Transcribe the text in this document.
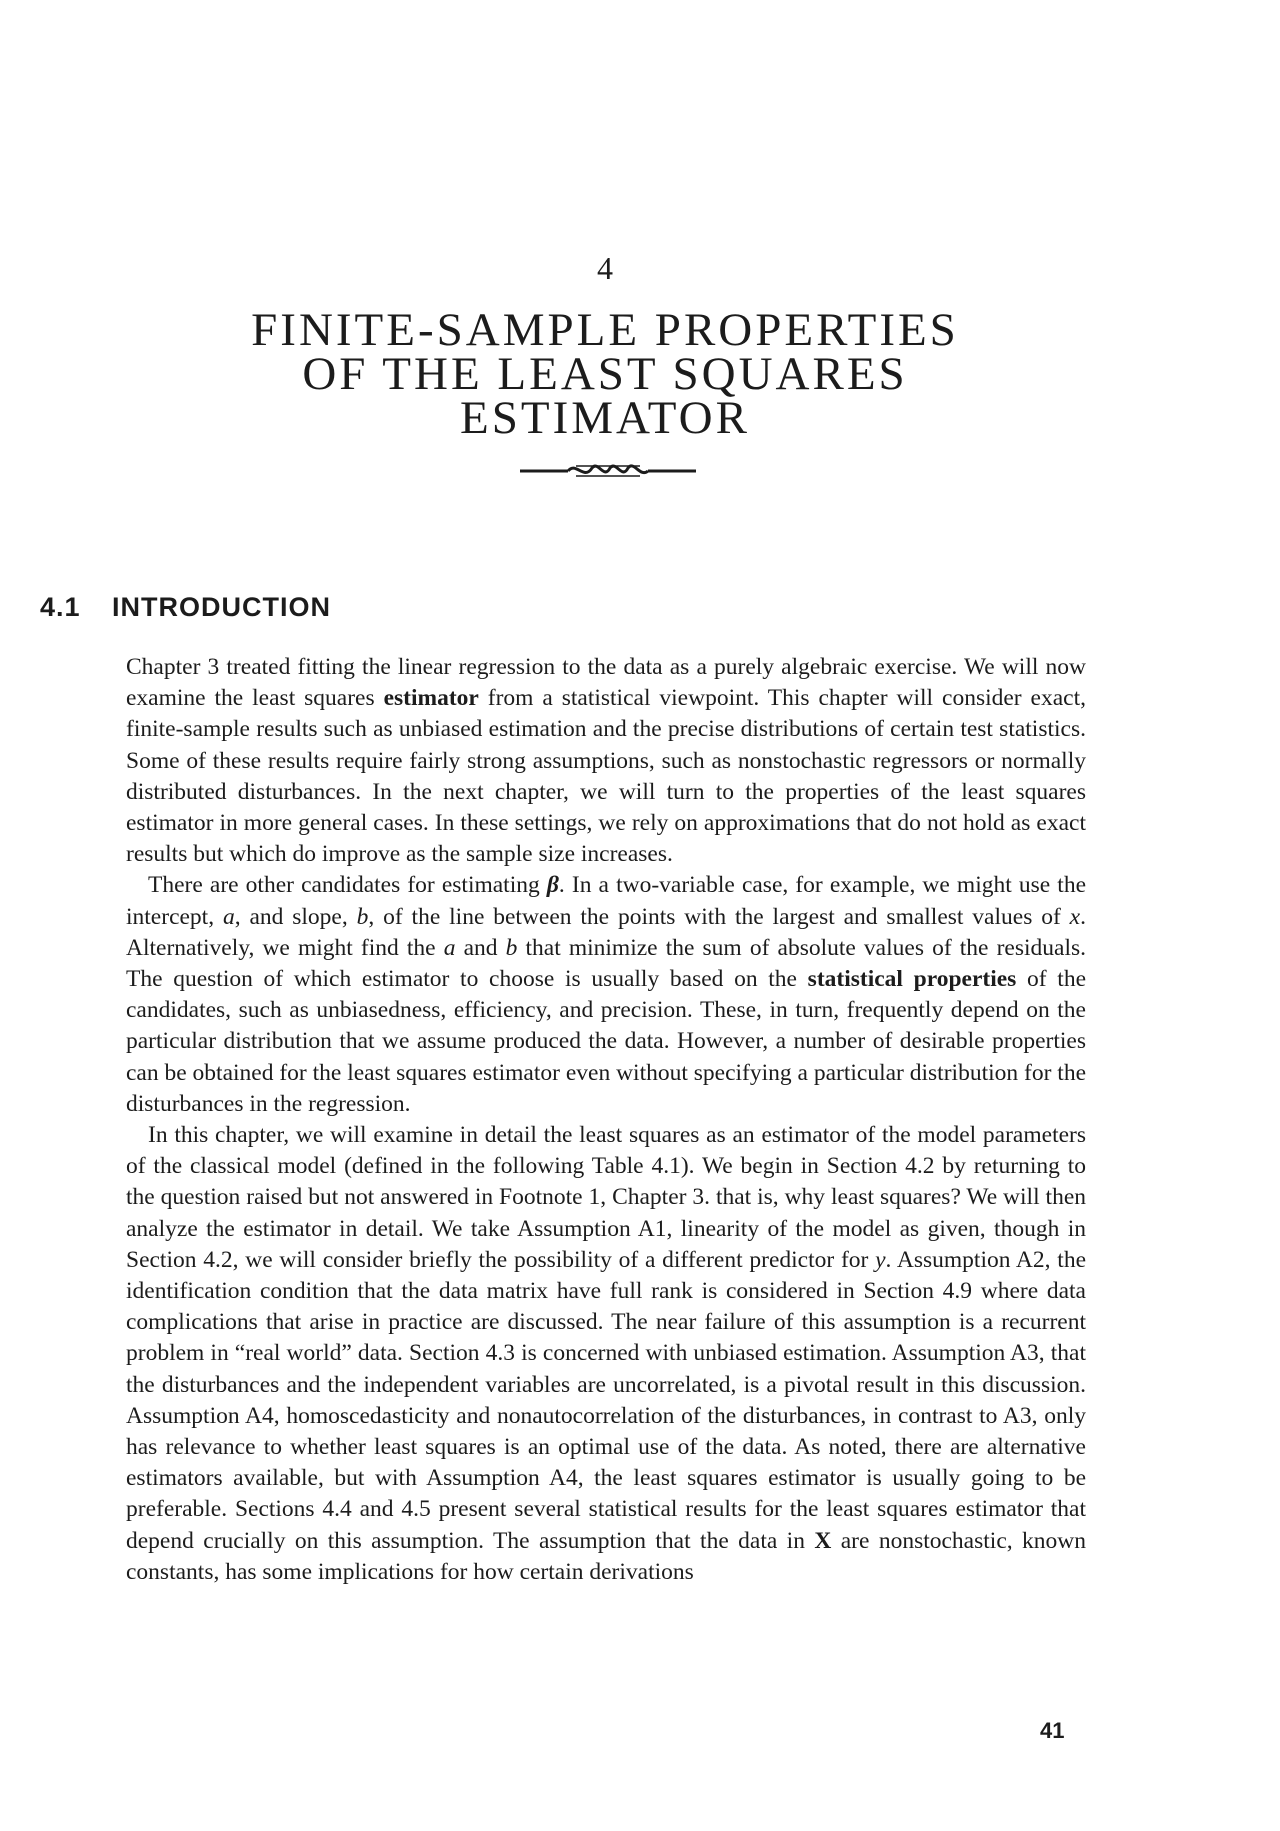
4
FINITE-SAMPLE PROPERTIES
OF THE LEAST SQUARES
ESTIMATOR
4.1 INTRODUCTION

Chapter 3 treated fitting the linear regression to the data as a purely algebraic exercise. We will now examine the least squares estimator from a statistical viewpoint. This chapter will consider exact, finite-sample results such as unbiased estimation and the precise distributions of certain test statistics. Some of these results require fairly strong assumptions, such as nonstochastic regressors or normally distributed disturbances. In the next chapter, we will turn to the properties of the least squares estimator in more general cases. In these settings, we rely on approximations that do not hold as exact results but which do improve as the sample size increases.

There are other candidates for estimating β. In a two-variable case, for example, we might use the intercept, a, and slope, b, of the line between the points with the largest and smallest values of x. Alternatively, we might find the a and b that minimize the sum of absolute values of the residuals. The question of which estimator to choose is usually based on the statistical properties of the candidates, such as unbiasedness, efficiency, and precision. These, in turn, frequently depend on the particular distribution that we assume produced the data. However, a number of desirable properties can be obtained for the least squares estimator even without specifying a particular distribution for the disturbances in the regression.

In this chapter, we will examine in detail the least squares as an estimator of the model parameters of the classical model (defined in the following Table 4.1). We begin in Section 4.2 by returning to the question raised but not answered in Footnote 1, Chapter 3. that is, why least squares? We will then analyze the estimator in detail. We take Assumption A1, linearity of the model as given, though in Section 4.2, we will consider briefly the possibility of a different predictor for y. Assumption A2, the identification condition that the data matrix have full rank is considered in Section 4.9 where data complications that arise in practice are discussed. The near failure of this assumption is a recurrent problem in “real world” data. Section 4.3 is concerned with unbiased estimation. Assumption A3, that the disturbances and the independent variables are uncorrelated, is a pivotal result in this discussion. Assumption A4, homoscedasticity and nonautocorrelation of the disturbances, in contrast to A3, only has relevance to whether least squares is an optimal use of the data. As noted, there are alternative estimators available, but with Assumption A4, the least squares estimator is usually going to be preferable. Sections 4.4 and 4.5 present several statistical results for the least squares estimator that depend crucially on this assumption. The assumption that the data in X are nonstochastic, known constants, has some implications for how certain derivations

41
